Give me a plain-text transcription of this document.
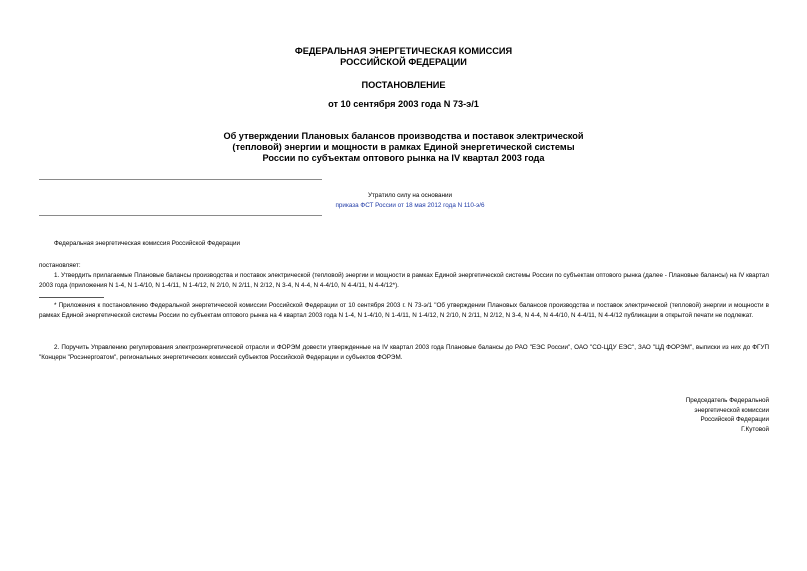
ФЕДЕРАЛЬНАЯ ЭНЕРГЕТИЧЕСКАЯ КОМИССИЯ
РОССИЙСКОЙ ФЕДЕРАЦИИ
ПОСТАНОВЛЕНИЕ
от 10 сентября 2003 года N 73-э/1
Об утверждении Плановых балансов производства и поставок электрической
(тепловой) энергии и мощности в рамках Единой энергетической системы
России по субъектам оптового рынка на IV квартал 2003 года
Утратило силу на основании
приказа ФСТ России от 18 мая 2012 года N 110-э/6
Федеральная энергетическая комиссия Российской Федерации
постановляет:
1. Утвердить прилагаемые Плановые балансы производства и поставок электрической (тепловой) энергии и мощности в рамках Единой энергетической системы России по субъектам оптового рынка (далее - Плановые балансы) на IV квартал 2003 года (приложения N 1-4, N 1-4/10, N 1-4/11, N 1-4/12, N 2/10, N 2/11, N 2/12, N 3-4, N 4-4, N 4-4/10, N 4-4/11, N 4-4/12*).
* Приложения к постановлению Федеральной энергетической комиссии Российской Федерации от 10 сентября 2003 г. N 73-э/1 "Об утверждении Плановых балансов производства и поставок электрической (тепловой) энергии и мощности в рамках Единой энергетической системы России по субъектам оптового рынка на 4 квартал 2003 года N 1-4, N 1-4/10, N 1-4/11, N 1-4/12, N 2/10, N 2/11, N 2/12, N 3-4, N 4-4, N 4-4/10, N 4-4/11, N 4-4/12 публикации в открытой печати не подлежат.
2. Поручить Управлению регулирования электроэнергетической отрасли и ФОРЭМ довести утвержденные на IV квартал 2003 года Плановые балансы до РАО "ЕЭС России", ОАО "СО-ЦДУ ЕЭС", ЗАО "ЦД ФОРЭМ", выписки из них до ФГУП "Концерн "Росэнергоатом", региональных энергетических комиссий субъектов Российской Федерации и субъектов ФОРЭМ.
Председатель Федеральной
энергетической комиссии
Российской Федерации
Г.Кутовой
